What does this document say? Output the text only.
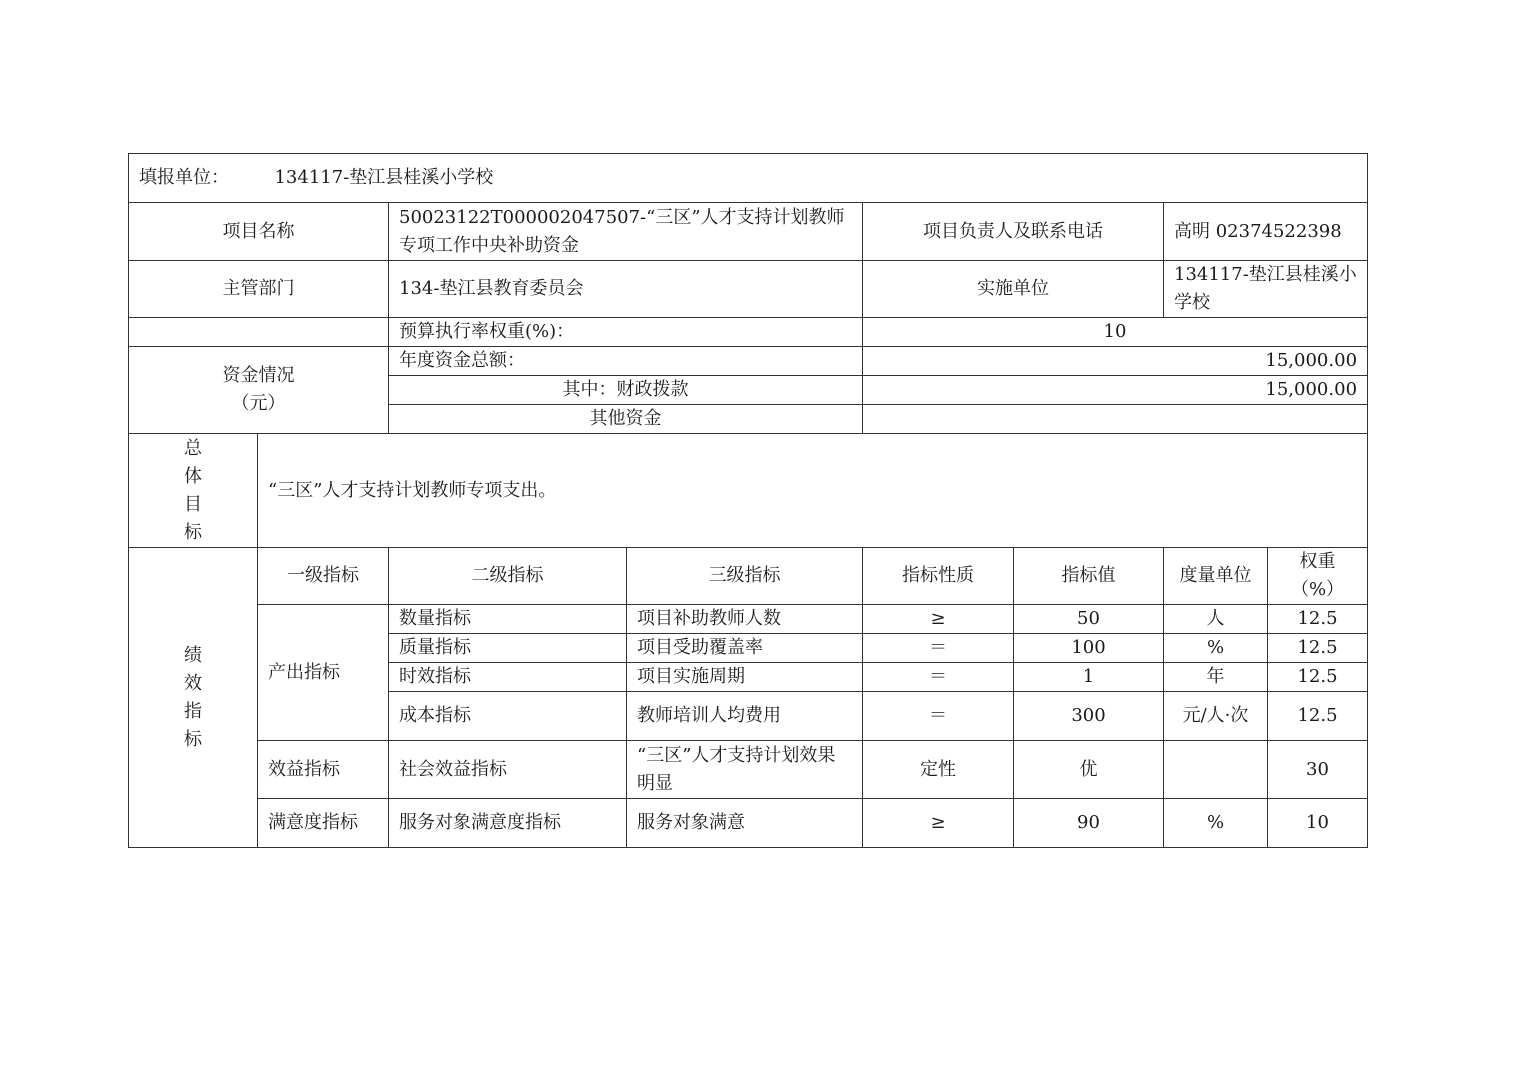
填报单位： 134117-垫江县桂溪小学校							
项目名称		50023122T000002047507-“三区”人才支持计划教师专项工作中央补助资金		项目负责人及联系电话		高明 02374522398	
主管部门		134-垫江县教育委员会		实施单位		134117-垫江县桂溪小学校	
		预算执行率权重(%)：		10			

资金情况
（元）		年度资金总额：		15,000.00			
		其中：财政拨款		15,000.00			
		其他资金					

总
体
目
标	“三区”人才支持计划教师专项支出。						

绩
效
指
标	一级指标	二级指标	三级指标	指标性质	指标值	度量单位	权重（%）
	产出指标	数量指标	项目补助教师人数	≥	50	人	12.5
		质量指标	项目受助覆盖率	＝	100	%	12.5
		时效指标	项目实施周期	＝	1	年	12.5
		成本指标	教师培训人均费用	＝	300	元/人·次	12.5
	效益指标	社会效益指标	“三区”人才支持计划效果明显	定性	优		30
	满意度指标	服务对象满意度指标	服务对象满意	≥	90	%	10
